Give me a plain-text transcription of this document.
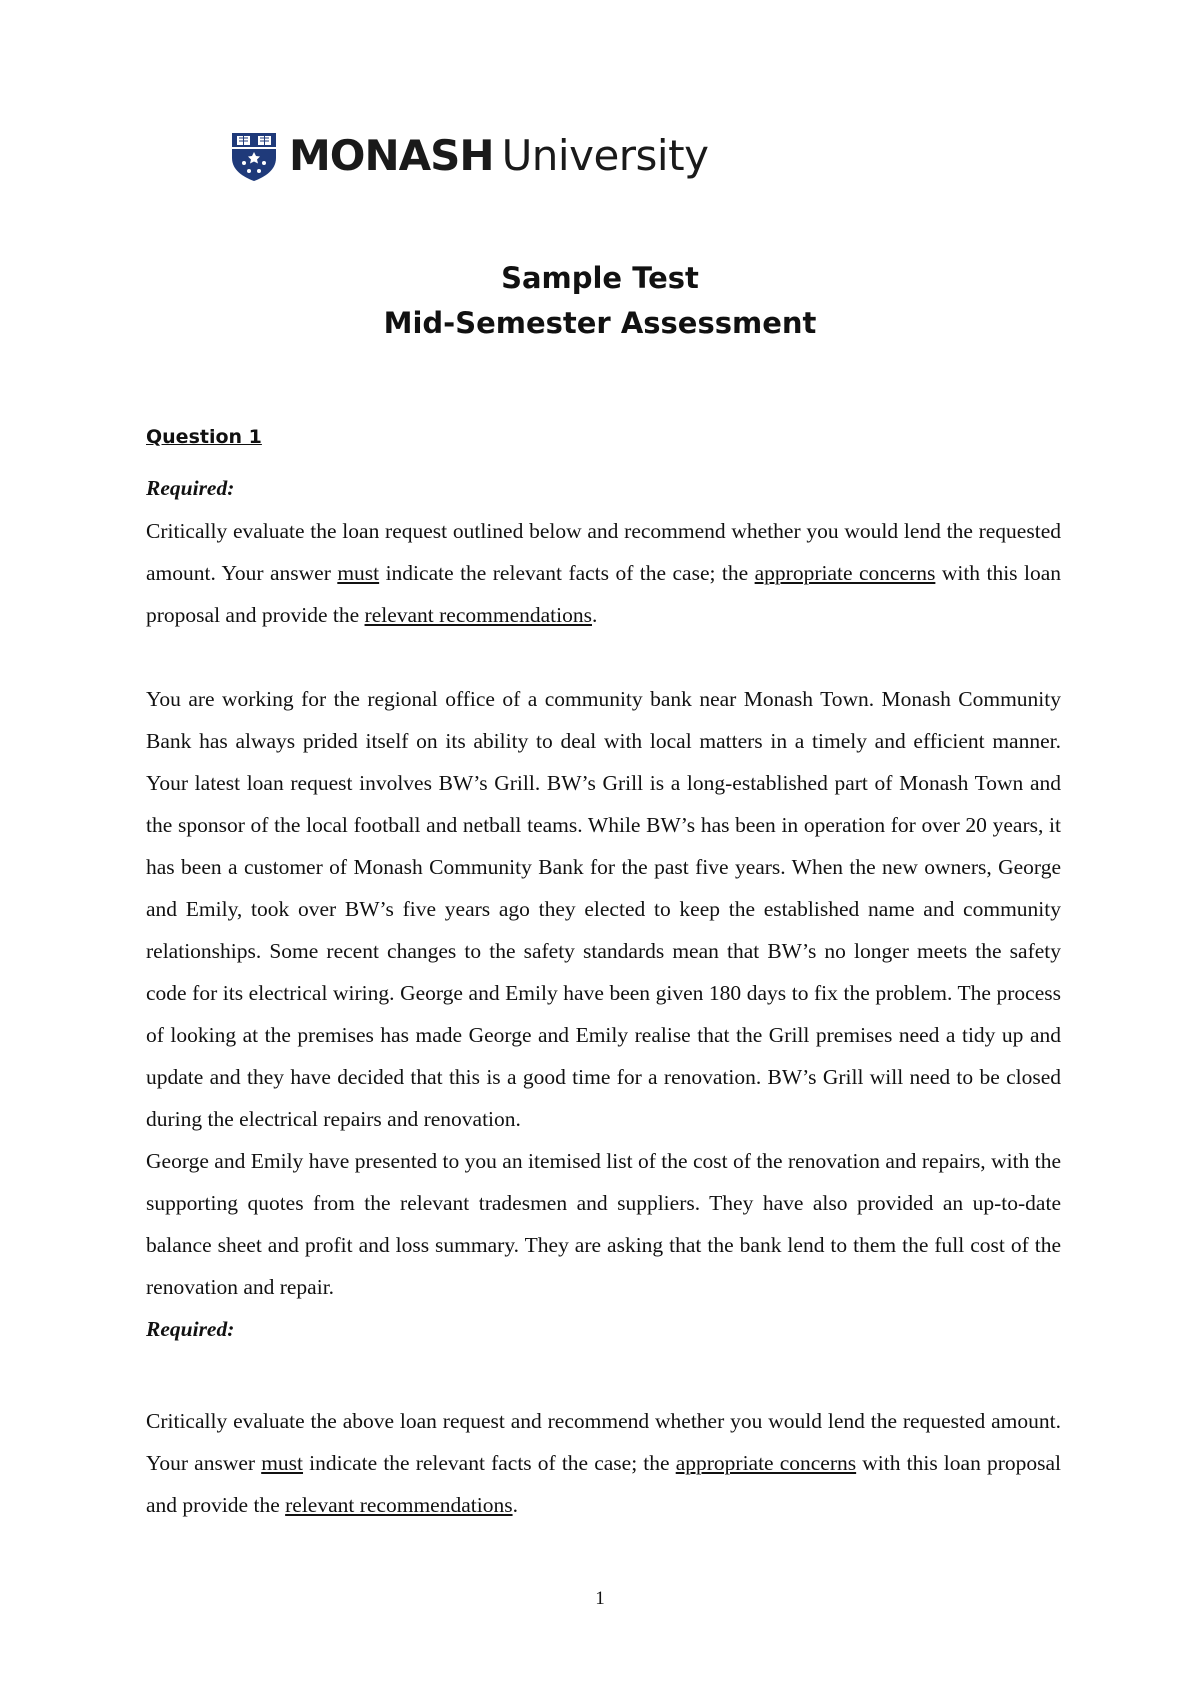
MONASH University
Sample Test
Mid-Semester Assessment
Question 1
Required:

Critically evaluate the loan request outlined below and recommend whether you would lend the requested amount. Your answer must indicate the relevant facts of the case; the appropriate concerns with this loan proposal and provide the relevant recommendations.

You are working for the regional office of a community bank near Monash Town. Monash Community Bank has always prided itself on its ability to deal with local matters in a timely and efficient manner. Your latest loan request involves BW’s Grill. BW’s Grill is a long-established part of Monash Town and the sponsor of the local football and netball teams. While BW’s has been in operation for over 20 years, it has been a customer of Monash Community Bank for the past five years. When the new owners, George and Emily, took over BW’s five years ago they elected to keep the established name and community relationships. Some recent changes to the safety standards mean that BW’s no longer meets the safety code for its electrical wiring. George and Emily have been given 180 days to fix the problem. The process of looking at the premises has made George and Emily realise that the Grill premises need a tidy up and update and they have decided that this is a good time for a renovation. BW’s Grill will need to be closed during the electrical repairs and renovation.

George and Emily have presented to you an itemised list of the cost of the renovation and repairs, with the supporting quotes from the relevant tradesmen and suppliers. They have also provided an up-to-date balance sheet and profit and loss summary. They are asking that the bank lend to them the full cost of the renovation and repair.

Required:

Critically evaluate the above loan request and recommend whether you would lend the requested amount. Your answer must indicate the relevant facts of the case; the appropriate concerns with this loan proposal and provide the relevant recommendations.

1
